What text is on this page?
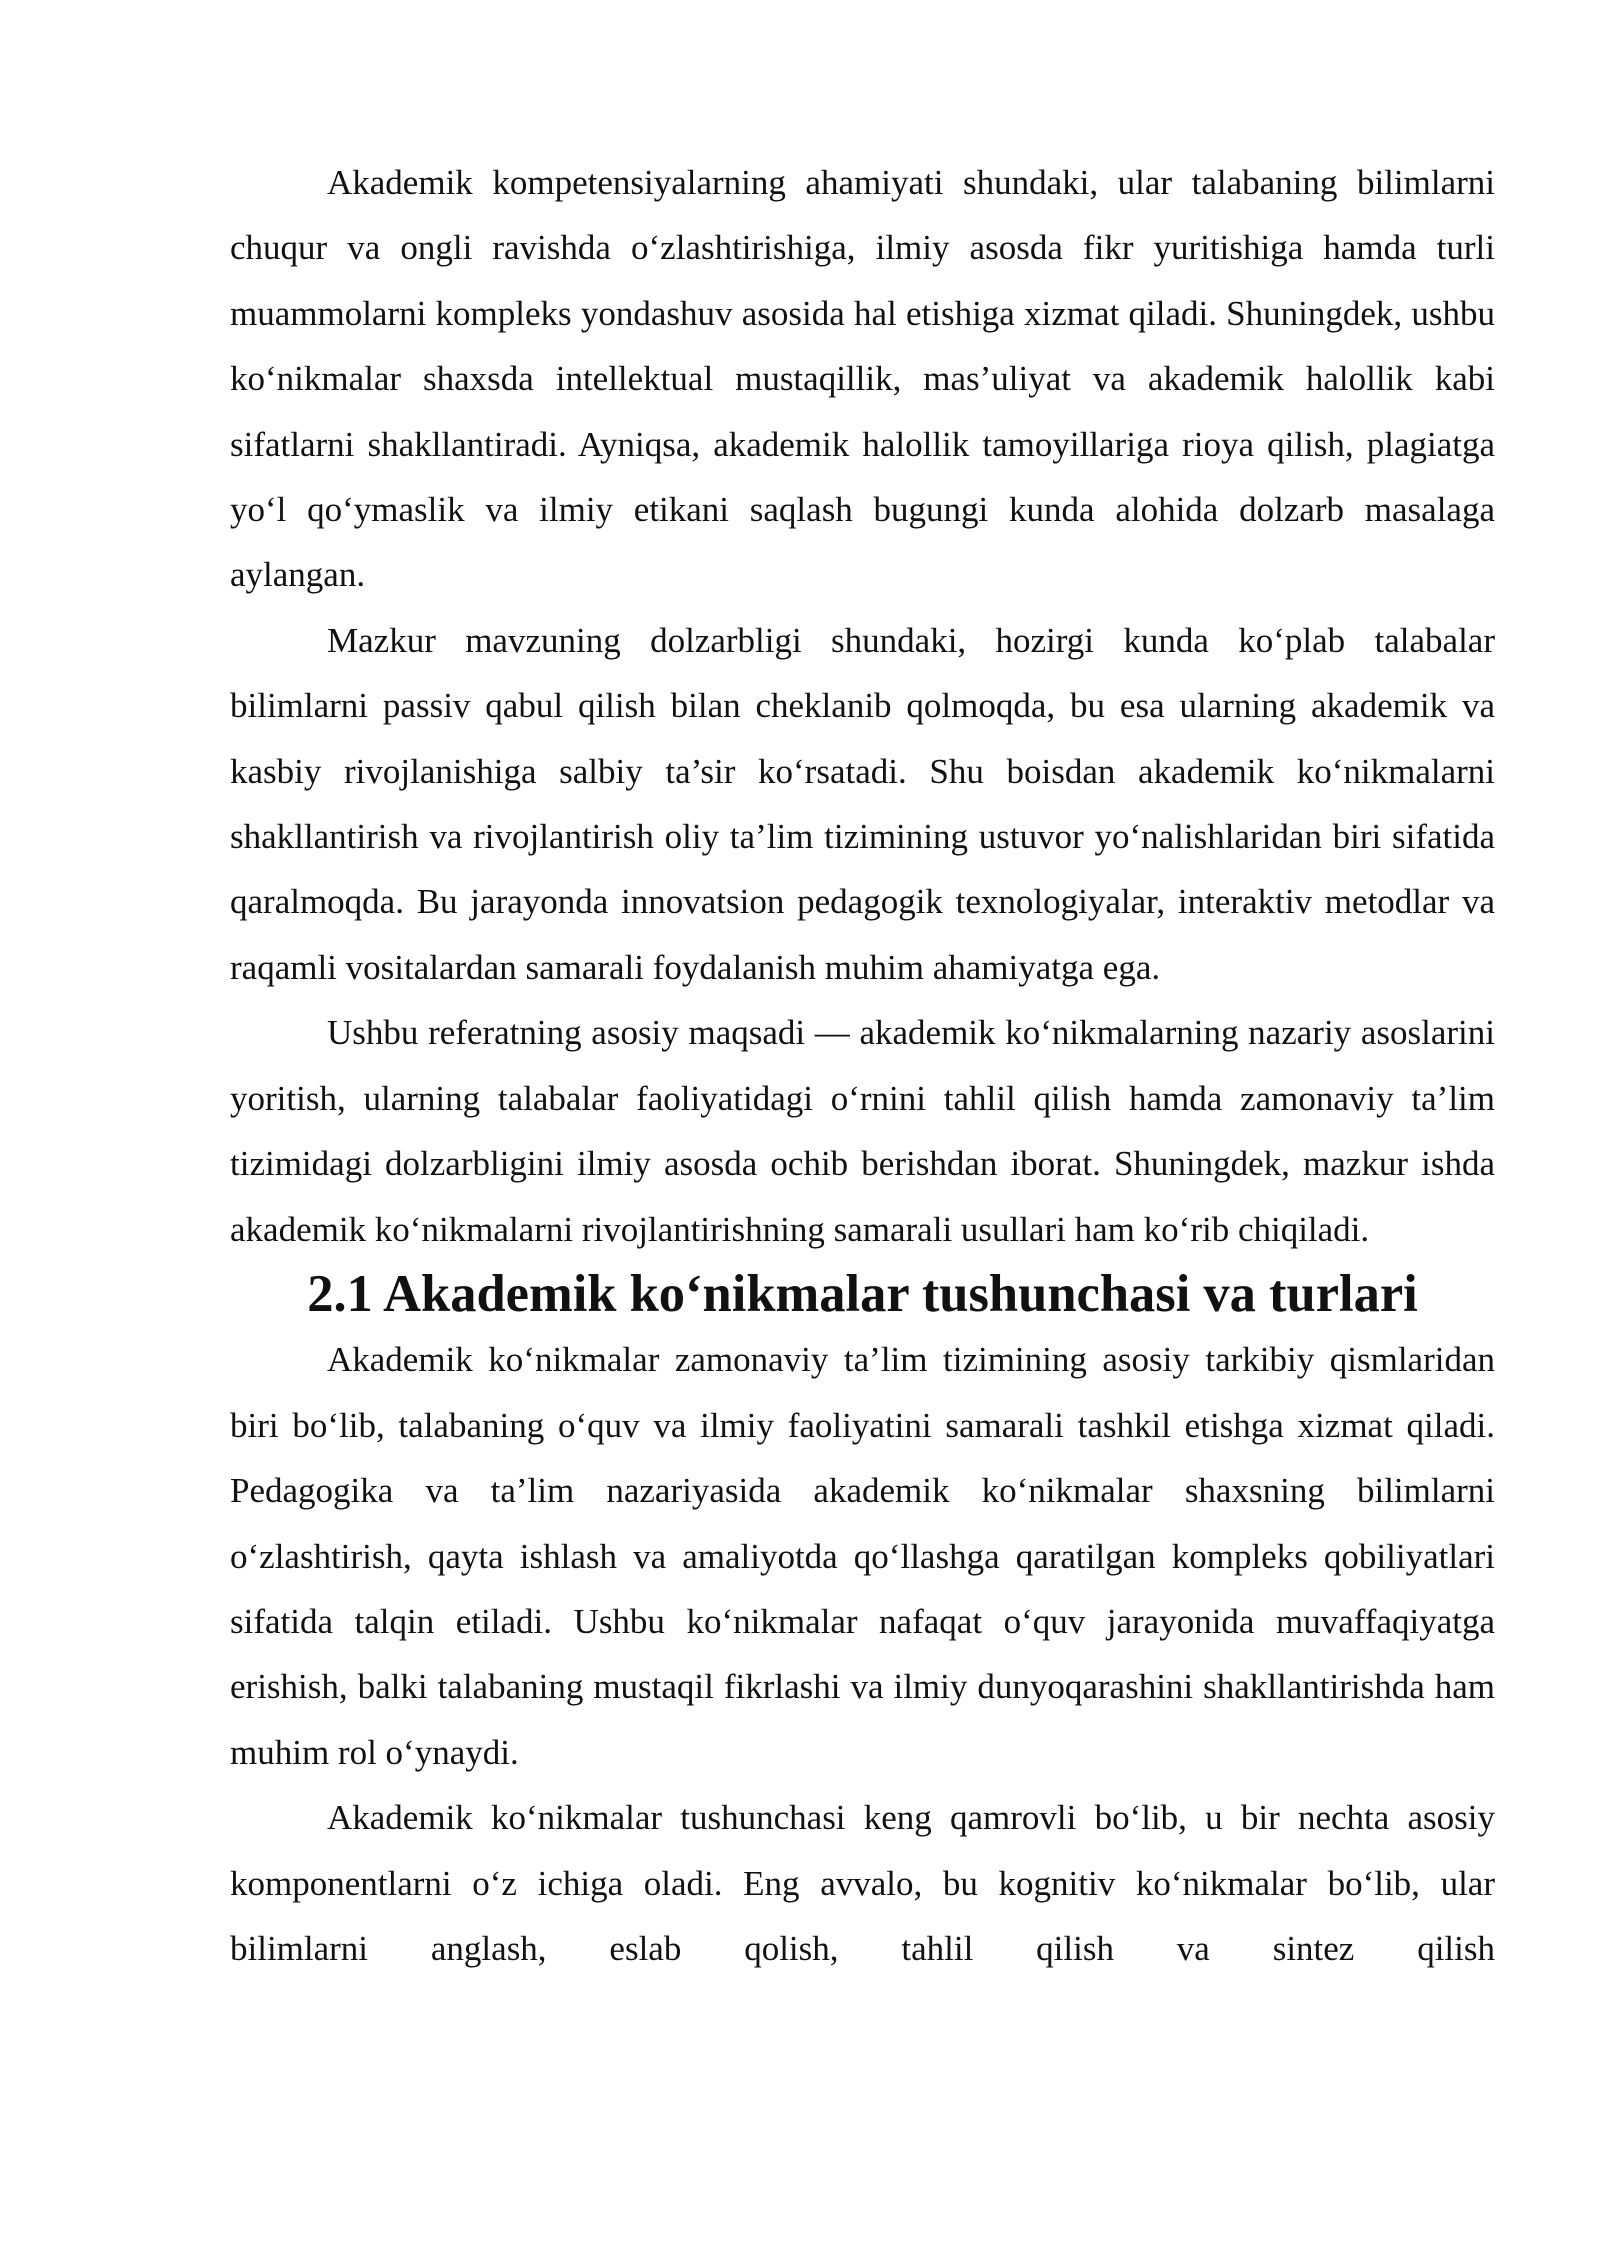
Akademik kompetensiyalarning ahamiyati shundaki, ular talabaning bilimlarni chuqur va ongli ravishda o‘zlashtirishiga, ilmiy asosda fikr yuritishiga hamda turli muammolarni kompleks yondashuv asosida hal etishiga xizmat qiladi. Shuningdek, ushbu ko‘nikmalar shaxsda intellektual mustaqillik, mas’uliyat va akademik halollik kabi sifatlarni shakllantiradi. Ayniqsa, akademik halollik tamoyillariga rioya qilish, plagiatga yo‘l qo‘ymaslik va ilmiy etikani saqlash bugungi kunda alohida dolzarb masalaga aylangan.

Mazkur mavzuning dolzarbligi shundaki, hozirgi kunda ko‘plab talabalar bilimlarni passiv qabul qilish bilan cheklanib qolmoqda, bu esa ularning akademik va kasbiy rivojlanishiga salbiy ta’sir ko‘rsatadi. Shu boisdan akademik ko‘nikmalarni shakllantirish va rivojlantirish oliy ta’lim tizimining ustuvor yo‘nalishlaridan biri sifatida qaralmoqda. Bu jarayonda innovatsion pedagogik texnologiyalar, interaktiv metodlar va raqamli vositalardan samarali foydalanish muhim ahamiyatga ega.

Ushbu referatning asosiy maqsadi — akademik ko‘nikmalarning nazariy asoslarini yoritish, ularning talabalar faoliyatidagi o‘rnini tahlil qilish hamda zamonaviy ta’lim tizimidagi dolzarbligini ilmiy asosda ochib berishdan iborat. Shuningdek, mazkur ishda akademik ko‘nikmalarni rivojlantirishning samarali usullari ham ko‘rib chiqiladi.

2.1 Akademik ko‘nikmalar tushunchasi va turlari

Akademik ko‘nikmalar zamonaviy ta’lim tizimining asosiy tarkibiy qismlaridan biri bo‘lib, talabaning o‘quv va ilmiy faoliyatini samarali tashkil etishga xizmat qiladi. Pedagogika va ta’lim nazariyasida akademik ko‘nikmalar shaxsning bilimlarni o‘zlashtirish, qayta ishlash va amaliyotda qo‘llashga qaratilgan kompleks qobiliyatlari sifatida talqin etiladi. Ushbu ko‘nikmalar nafaqat o‘quv jarayonida muvaffaqiyatga erishish, balki talabaning mustaqil fikrlashi va ilmiy dunyoqarashini shakllantirishda ham muhim rol o‘ynaydi.

Akademik ko‘nikmalar tushunchasi keng qamrovli bo‘lib, u bir nechta asosiy komponentlarni o‘z ichiga oladi. Eng avvalo, bu kognitiv ko‘nikmalar bo‘lib, ular bilimlarni anglash, eslab qolish, tahlil qilish va sintez qilish
